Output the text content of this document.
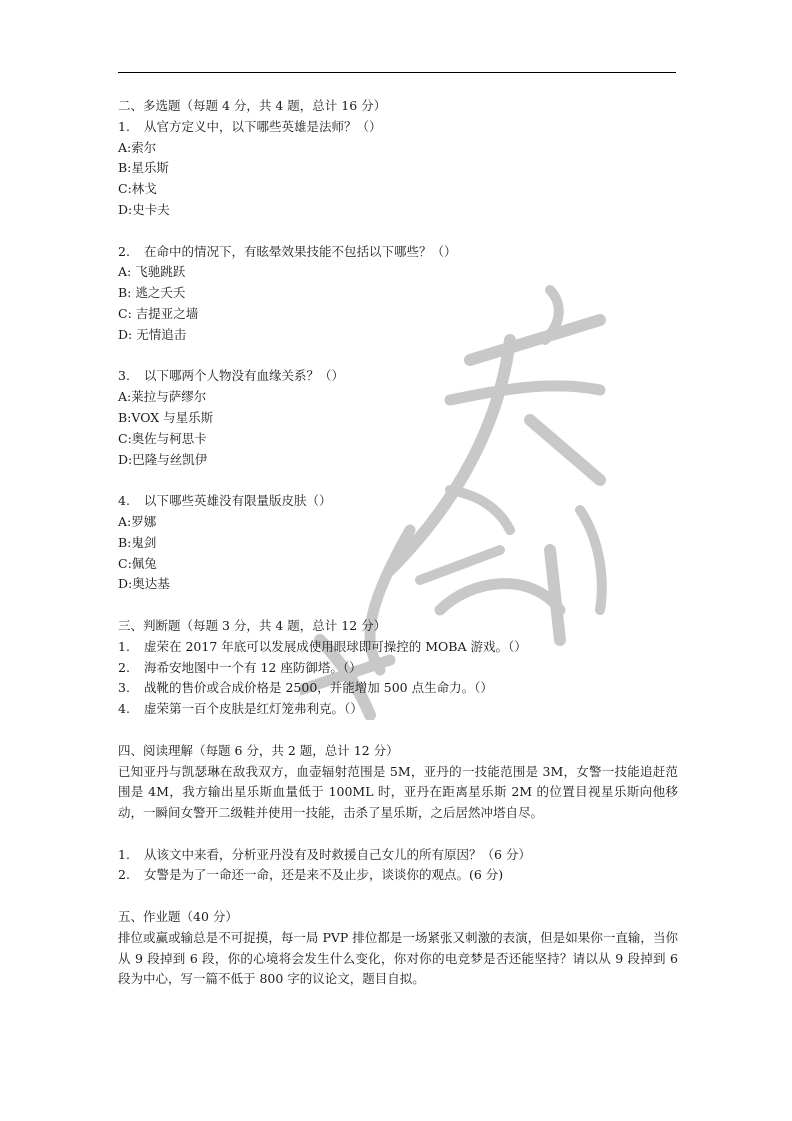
二、多选题（每题 4 分，共 4 题，总计 16 分）
1. 从官方定义中，以下哪些英雄是法师？（）
A:索尔
B:星乐斯
C:林戈
D:史卡夫
2. 在命中的情况下，有眩晕效果技能不包括以下哪些？（）
A: 飞驰跳跃
B: 逃之夭夭
C: 吉提亚之墙
D: 无情追击
3. 以下哪两个人物没有血缘关系？（）
A:莱拉与萨缪尔
B:VOX 与星乐斯
C:奥佐与柯思卡
D:巴隆与丝凯伊
4. 以下哪些英雄没有限量版皮肤（）
A:罗娜
B:鬼剑
C:佩兔
D:奥达基
三、判断题（每题 3 分，共 4 题，总计 12 分）
1. 虚荣在 2017 年底可以发展成使用眼球即可操控的 MOBA 游戏。（）
2. 海希安地图中一个有 12 座防御塔。（）
3. 战靴的售价或合成价格是 2500，并能增加 500 点生命力。（）
4. 虚荣第一百个皮肤是红灯笼弗利克。（）
四、阅读理解（每题 6 分，共 2 题，总计 12 分）
已知亚丹与凯瑟琳在敌我双方，血壶辐射范围是 5M，亚丹的一技能范围是 3M，女警一技能追赶范围是 4M，我方输出星乐斯血量低于 100ML 时，亚丹在距离星乐斯 2M 的位置目视星乐斯向他移动，一瞬间女警开二级鞋并使用一技能，击杀了星乐斯，之后居然冲塔自尽。
1. 从该文中来看，分析亚丹没有及时救援自己女儿的所有原因？（6 分）
2. 女警是为了一命还一命，还是来不及止步，谈谈你的观点。(6 分)
五、作业题（40 分）
排位或赢或输总是不可捉摸，每一局 PVP 排位都是一场紧张又刺激的表演，但是如果你一直输，当你从 9 段掉到 6 段，你的心境将会发生什么变化，你对你的电竞梦是否还能坚持？请以从 9 段掉到 6 段为中心，写一篇不低于 800 字的议论文，题目自拟。
